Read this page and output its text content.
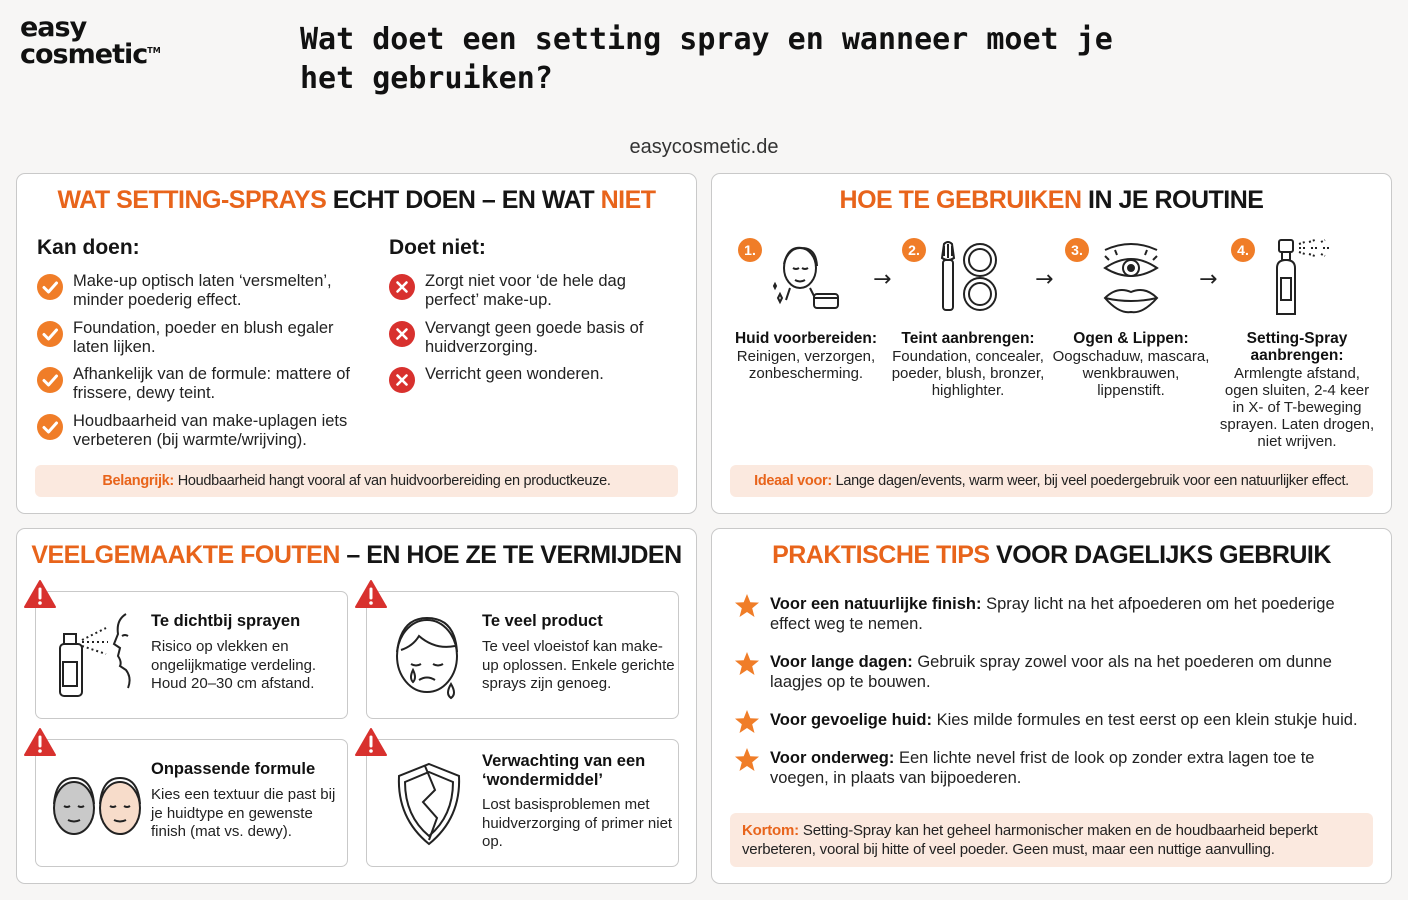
easy
cosmetic™	Wat doet een setting spray en wanneer moet je het gebruiken?
easycosmetic.de
WAT SETTING-SPRAYS ECHT DOEN – EN WAT NIET
Kan doen:	Doet niet:
Make-up optisch laten ‘versmelten’, minder poederig effect.
Foundation, poeder en blush egaler laten lijken.
Afhankelijk van de formule: mattere of frissere, dewy teint.
Houdbaarheid van make-uplagen iets verbeteren (bij warmte/wrijving).
Zorgt niet voor ‘de hele dag perfect’ make-up.
Vervangt geen goede basis of huidverzorging.
Verricht geen wonderen.
Belangrijk: Houdbaarheid hangt vooral af van huidvoorbereiding en productkeuze.
HOE TE GEBRUIKEN IN JE ROUTINE
1.
Huid voorbereiden:
Reinigen, verzorgen, zonbescherming.
→
2.
Teint aanbrengen:
Foundation, concealer, poeder, blush, bronzer, highlighter.
→
3.
Ogen & Lippen:
Oogschaduw, mascara, wenkbrauwen, lippenstift.
→
4.
Setting-Spray aanbrengen:
Armlengte afstand, ogen sluiten, 2-4 keer in X- of T-beweging sprayen. Laten drogen, niet wrijven.
Ideaal voor: Lange dagen/events, warm weer, bij veel poedergebruik voor een natuurlijker effect.
VEELGEMAAKTE FOUTEN – EN HOE ZE TE VERMIJDEN
Te dichtbij sprayen
Risico op vlekken en ongelijkmatige verdeling. Houd 20–30 cm afstand.
Te veel product
Te veel vloeistof kan make-up oplossen. Enkele gerichte sprays zijn genoeg.
Onpassende formule
Kies een textuur die past bij je huidtype en gewenste finish (mat vs. dewy).
Verwachting van een ‘wondermiddel’
Lost basisproblemen met huidverzorging of primer niet op.
PRAKTISCHE TIPS VOOR DAGELIJKS GEBRUIK
Voor een natuurlijke finish: Spray licht na het afpoederen om het poederige effect weg te nemen.
Voor lange dagen: Gebruik spray zowel voor als na het poederen om dunne laagjes op te bouwen.
Voor gevoelige huid: Kies milde formules en test eerst op een klein stukje huid.
Voor onderweg: Een lichte nevel frist de look op zonder extra lagen toe te voegen, in plaats van bijpoederen.
Kortom: Setting-Spray kan het geheel harmonischer maken en de houdbaarheid beperkt verbeteren, vooral bij hitte of veel poeder. Geen must, maar een nuttige aanvulling.
